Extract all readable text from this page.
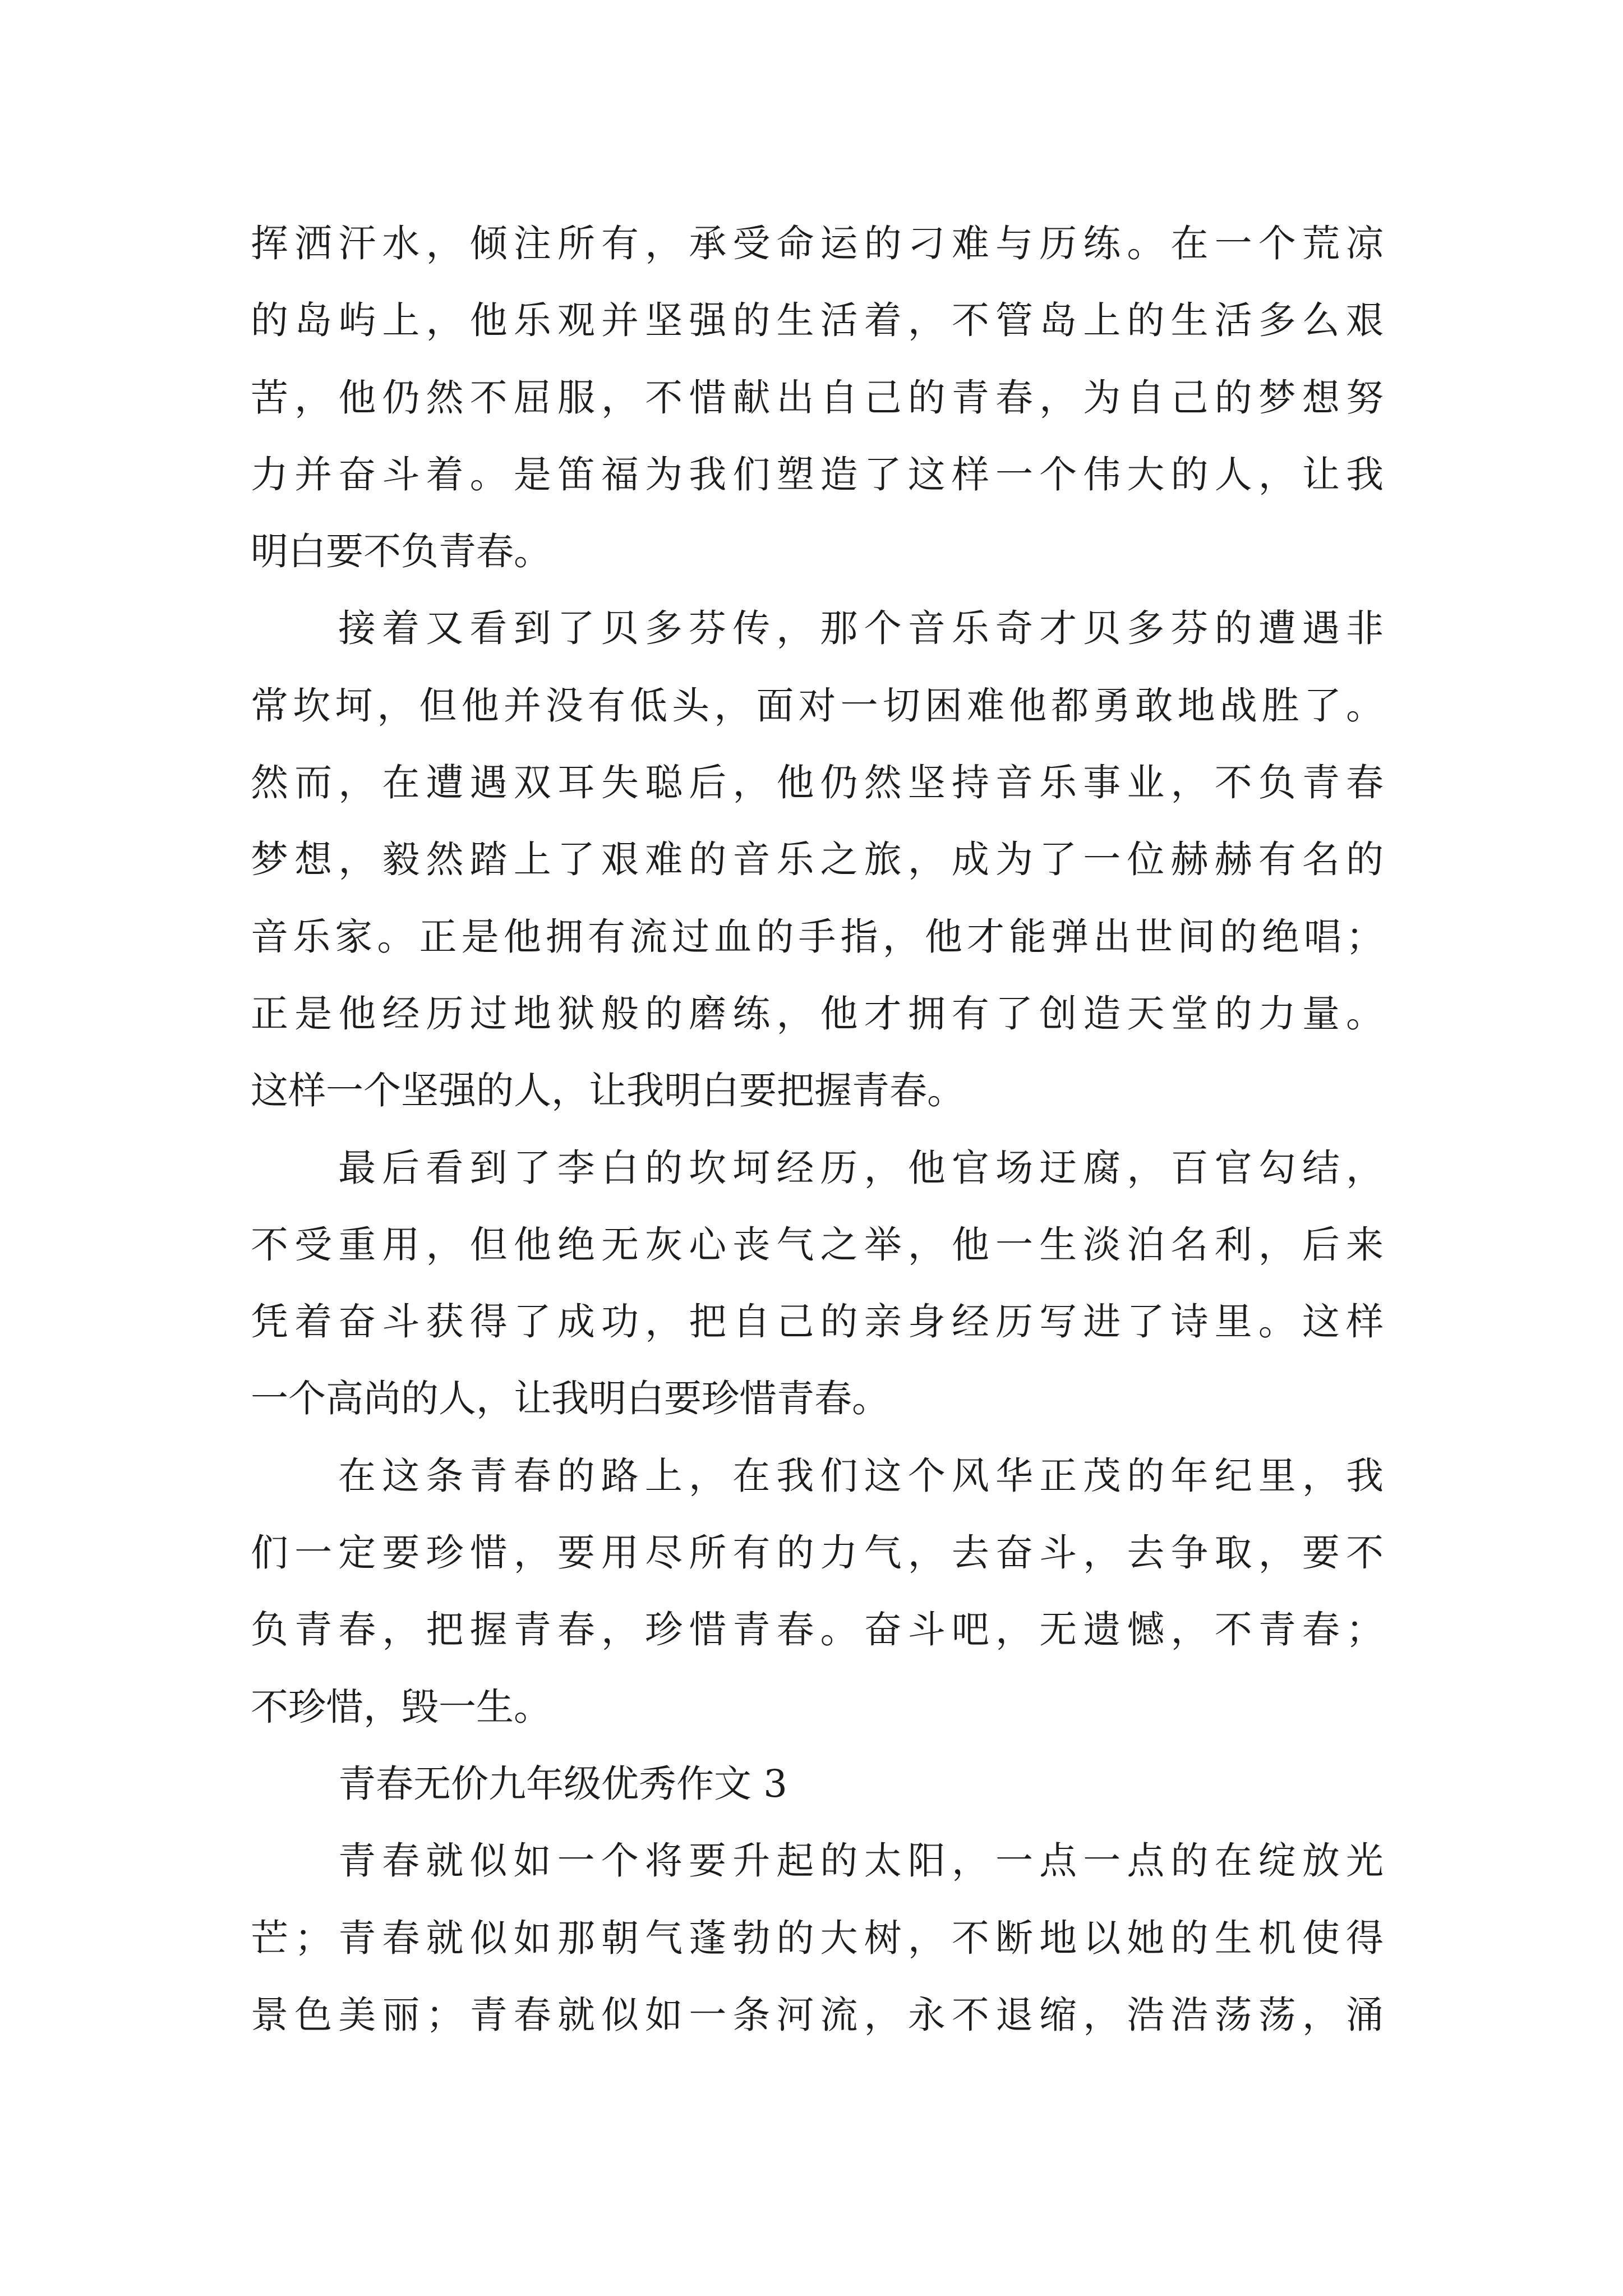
挥洒汗水，倾注所有，承受命运的刁难与历练。在一个荒凉
的岛屿上，他乐观并坚强的生活着，不管岛上的生活多么艰
苦，他仍然不屈服，不惜献出自己的青春，为自己的梦想努
力并奋斗着。是笛福为我们塑造了这样一个伟大的人，让我
明白要不负青春。
接着又看到了贝多芬传，那个音乐奇才贝多芬的遭遇非
常坎坷，但他并没有低头，面对一切困难他都勇敢地战胜了。
然而，在遭遇双耳失聪后，他仍然坚持音乐事业，不负青春
梦想，毅然踏上了艰难的音乐之旅，成为了一位赫赫有名的
音乐家。正是他拥有流过血的手指，他才能弹出世间的绝唱；
正是他经历过地狱般的磨练，他才拥有了创造天堂的力量。
这样一个坚强的人，让我明白要把握青春。
最后看到了李白的坎坷经历，他官场迂腐，百官勾结，
不受重用，但他绝无灰心丧气之举，他一生淡泊名利，后来
凭着奋斗获得了成功，把自己的亲身经历写进了诗里。这样
一个高尚的人，让我明白要珍惜青春。
在这条青春的路上，在我们这个风华正茂的年纪里，我
们一定要珍惜，要用尽所有的力气，去奋斗，去争取，要不
负青春，把握青春，珍惜青春。奋斗吧，无遗憾，不青春；
不珍惜，毁一生。
青春无价九年级优秀作文 3
青春就似如一个将要升起的太阳，一点一点的在绽放光
芒；青春就似如那朝气蓬勃的大树，不断地以她的生机使得
景色美丽；青春就似如一条河流，永不退缩，浩浩荡荡，涌
